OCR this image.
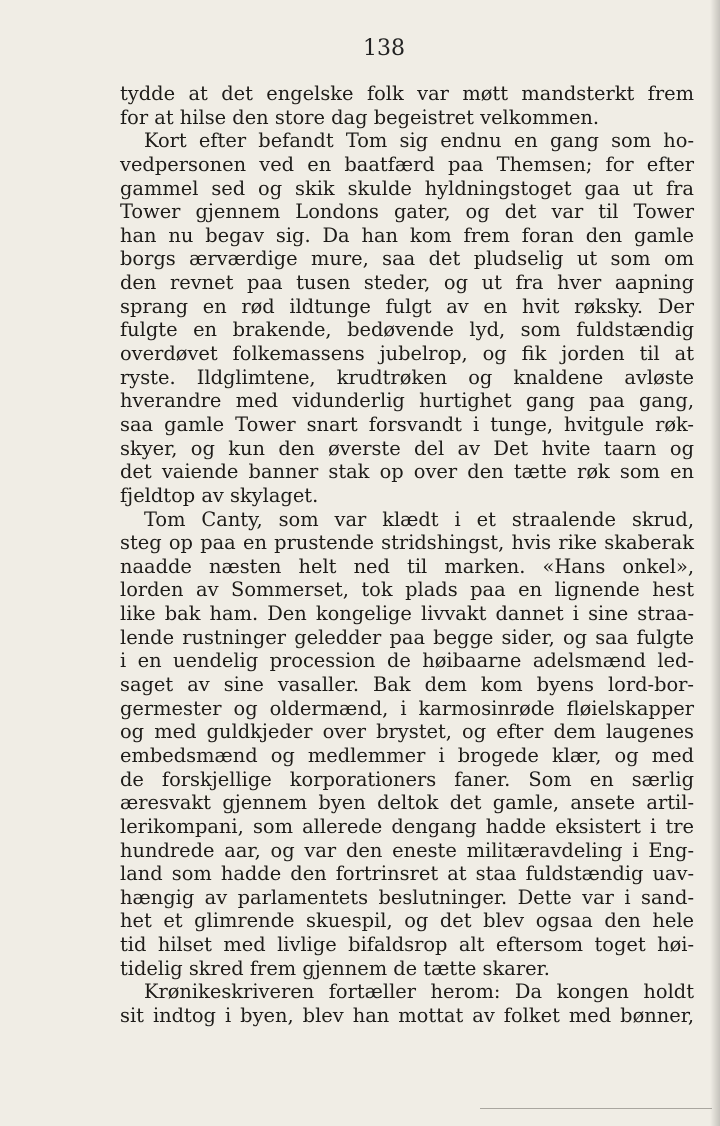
138
tydde at det engelske folk var møtt mandsterkt frem
for at hilse den store dag begeistret velkommen.
Kort efter befandt Tom sig endnu en gang som ho-
vedpersonen ved en baatfærd paa Themsen; for efter
gammel sed og skik skulde hyldningstoget gaa ut fra
Tower gjennem Londons gater, og det var til Tower
han nu begav sig. Da han kom frem foran den gamle
borgs ærværdige mure, saa det pludselig ut som om
den revnet paa tusen steder, og ut fra hver aapning
sprang en rød ildtunge fulgt av en hvit røksky. Der
fulgte en brakende, bedøvende lyd, som fuldstændig
overdøvet folkemassens jubelrop, og fik jorden til at
ryste. Ildglimtene, krudtrøken og knaldene avløste
hverandre med vidunderlig hurtighet gang paa gang,
saa gamle Tower snart forsvandt i tunge, hvitgule røk-
skyer, og kun den øverste del av Det hvite taarn og
det vaiende banner stak op over den tætte røk som en
fjeldtop av skylaget.
Tom Canty, som var klædt i et straalende skrud,
steg op paa en prustende stridshingst, hvis rike skaberak
naadde næsten helt ned til marken. «Hans onkel»,
lorden av Sommerset, tok plads paa en lignende hest
like bak ham. Den kongelige livvakt dannet i sine straa-
lende rustninger geledder paa begge sider, og saa fulgte
i en uendelig procession de høibaarne adelsmænd led-
saget av sine vasaller. Bak dem kom byens lord-bor-
germester og oldermænd, i karmosinrøde fløielskapper
og med guldkjeder over brystet, og efter dem laugenes
embedsmænd og medlemmer i brogede klær, og med
de forskjellige korporationers faner. Som en særlig
æresvakt gjennem byen deltok det gamle, ansete artil-
lerikompani, som allerede dengang hadde eksistert i tre
hundrede aar, og var den eneste militæravdeling i Eng-
land som hadde den fortrinsret at staa fuldstændig uav-
hængig av parlamentets beslutninger. Dette var i sand-
het et glimrende skuespil, og det blev ogsaa den hele
tid hilset med livlige bifaldsrop alt eftersom toget høi-
tidelig skred frem gjennem de tætte skarer.
Krønikeskriveren fortæller herom: Da kongen holdt
sit indtog i byen, blev han mottat av folket med bønner,
